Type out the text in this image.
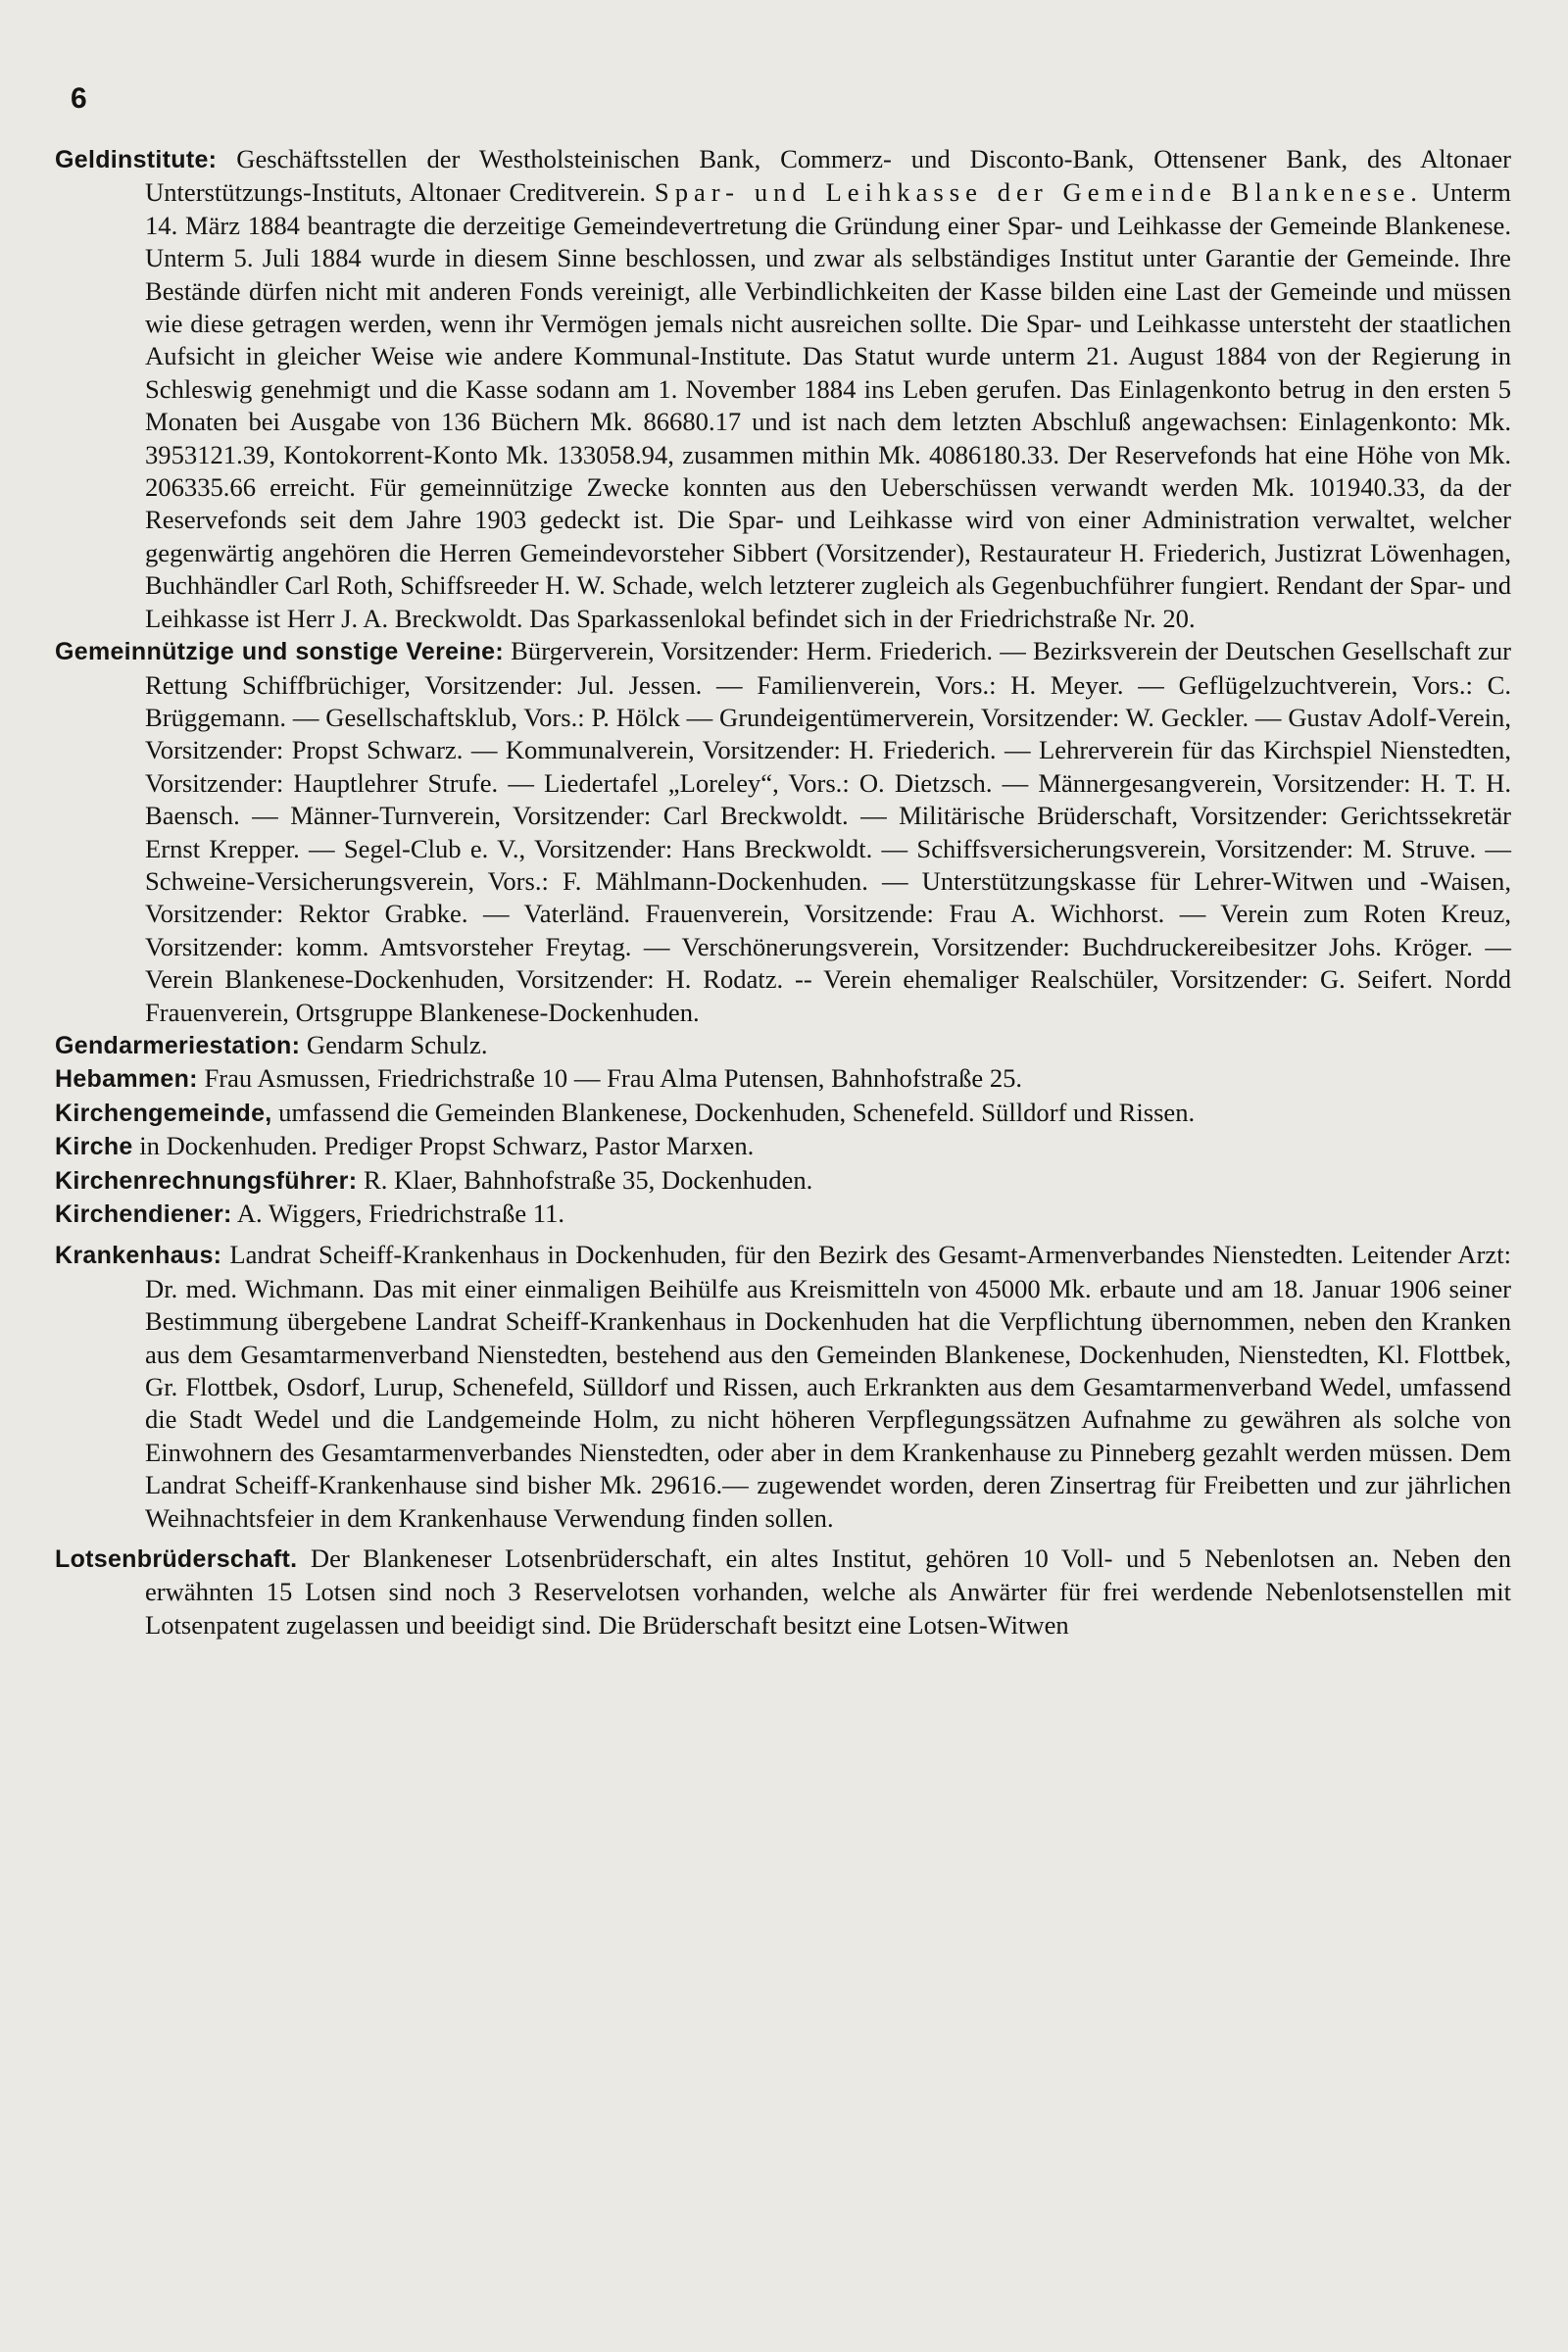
6

Geldinstitute: Geschäftsstellen der Westholsteinischen Bank, Commerz- und Disconto-Bank, Ottensener Bank, des Altonaer Unterstützungs-Instituts, Altonaer Creditverein. Spar- und Leihkasse der Gemeinde Blankenese. Unterm 14. März 1884 beantragte die derzeitige Gemeindevertretung die Gründung einer Spar- und Leihkasse der Gemeinde Blankenese. Unterm 5. Juli 1884 wurde in diesem Sinne beschlossen, und zwar als selbständiges Institut unter Garantie der Gemeinde. Ihre Bestände dürfen nicht mit anderen Fonds vereinigt, alle Verbindlichkeiten der Kasse bilden eine Last der Gemeinde und müssen wie diese getragen werden, wenn ihr Vermögen jemals nicht ausreichen sollte. Die Spar- und Leihkasse untersteht der staatlichen Aufsicht in gleicher Weise wie andere Kommunal-Institute. Das Statut wurde unterm 21. August 1884 von der Regierung in Schleswig genehmigt und die Kasse sodann am 1. November 1884 ins Leben gerufen. Das Einlagenkonto betrug in den ersten 5 Monaten bei Ausgabe von 136 Büchern Mk. 86680.17 und ist nach dem letzten Abschluß angewachsen: Einlagenkonto: Mk. 3953121.39, Kontokorrent-Konto Mk. 133058.94, zusammen mithin Mk. 4086180.33. Der Reservefonds hat eine Höhe von Mk. 206335.66 erreicht. Für gemeinnützige Zwecke konnten aus den Ueberschüssen verwandt werden Mk. 101940.33, da der Reservefonds seit dem Jahre 1903 gedeckt ist. Die Spar- und Leihkasse wird von einer Administration verwaltet, welcher gegenwärtig angehören die Herren Gemeindevorsteher Sibbert (Vorsitzender), Restaurateur H. Friederich, Justizrat Löwenhagen, Buchhändler Carl Roth, Schiffsreeder H. W. Schade, welch letzterer zugleich als Gegenbuchführer fungiert. Rendant der Spar- und Leihkasse ist Herr J. A. Breckwoldt. Das Sparkassenlokal befindet sich in der Friedrichstraße Nr. 20.

Gemeinnützige und sonstige Vereine: Bürgerverein, Vorsitzender: Herm. Friederich. — Bezirksverein der Deutschen Gesellschaft zur Rettung Schiffbrüchiger, Vorsitzender: Jul. Jessen. — Familienverein, Vors.: H. Meyer. — Geflügelzuchtverein, Vors.: C. Brüggemann. — Gesellschaftsklub, Vors.: P. Hölck — Grundeigentümerverein, Vorsitzender: W. Geckler. — Gustav Adolf-Verein, Vorsitzender: Propst Schwarz. — Kommunalverein, Vorsitzender: H. Friederich. — Lehrerverein für das Kirchspiel Nienstedten, Vorsitzender: Hauptlehrer Strufe. — Liedertafel „Loreley“, Vors.: O. Dietzsch. — Männergesangverein, Vorsitzender: H. T. H. Baensch. — Männer-Turnverein, Vorsitzender: Carl Breckwoldt. — Militärische Brüderschaft, Vorsitzender: Gerichtssekretär Ernst Krepper. — Segel-Club e. V., Vorsitzender: Hans Breckwoldt. — Schiffsversicherungsverein, Vorsitzender: M. Struve. — Schweine-Versicherungsverein, Vors.: F. Mählmann-Dockenhuden. — Unterstützungskasse für Lehrer-Witwen und -Waisen, Vorsitzender: Rektor Grabke. — Vaterländ. Frauenverein, Vorsitzende: Frau A. Wichhorst. — Verein zum Roten Kreuz, Vorsitzender: komm. Amtsvorsteher Freytag. — Verschönerungsverein, Vorsitzender: Buchdruckereibesitzer Johs. Kröger. — Verein Blankenese-Dockenhuden, Vorsitzender: H. Rodatz. -- Verein ehemaliger Realschüler, Vorsitzender: G. Seifert. Nordd Frauenverein, Ortsgruppe Blankenese-Dockenhuden.

Gendarmeriestation: Gendarm Schulz.

Hebammen: Frau Asmussen, Friedrichstraße 10 — Frau Alma Putensen, Bahnhofstraße 25.

Kirchengemeinde, umfassend die Gemeinden Blankenese, Dockenhuden, Schenefeld. Sülldorf und Rissen.

Kirche in Dockenhuden. Prediger Propst Schwarz, Pastor Marxen.

Kirchenrechnungsführer: R. Klaer, Bahnhofstraße 35, Dockenhuden.

Kirchendiener: A. Wiggers, Friedrichstraße 11.

Krankenhaus: Landrat Scheiff-Krankenhaus in Dockenhuden, für den Bezirk des Gesamt-Armenverbandes Nienstedten. Leitender Arzt: Dr. med. Wichmann. Das mit einer einmaligen Beihülfe aus Kreismitteln von 45000 Mk. erbaute und am 18. Januar 1906 seiner Bestimmung übergebene Landrat Scheiff-Krankenhaus in Dockenhuden hat die Verpflichtung übernommen, neben den Kranken aus dem Gesamtarmenverband Nienstedten, bestehend aus den Gemeinden Blankenese, Dockenhuden, Nienstedten, Kl. Flottbek, Gr. Flottbek, Osdorf, Lurup, Schenefeld, Sülldorf und Rissen, auch Erkrankten aus dem Gesamtarmenverband Wedel, umfassend die Stadt Wedel und die Landgemeinde Holm, zu nicht höheren Verpflegungssätzen Aufnahme zu gewähren als solche von Einwohnern des Gesamtarmenverbandes Nienstedten, oder aber in dem Krankenhause zu Pinneberg gezahlt werden müssen. Dem Landrat Scheiff-Krankenhause sind bisher Mk. 29616.— zugewendet worden, deren Zinsertrag für Freibetten und zur jährlichen Weihnachtsfeier in dem Krankenhause Verwendung finden sollen.

Lotsenbrüderschaft. Der Blankeneser Lotsenbrüderschaft, ein altes Institut, gehören 10 Voll- und 5 Nebenlotsen an. Neben den erwähnten 15 Lotsen sind noch 3 Reservelotsen vorhanden, welche als Anwärter für frei werdende Nebenlotsenstellen mit Lotsenpatent zugelassen und beeidigt sind. Die Brüderschaft besitzt eine Lotsen-Witwen
